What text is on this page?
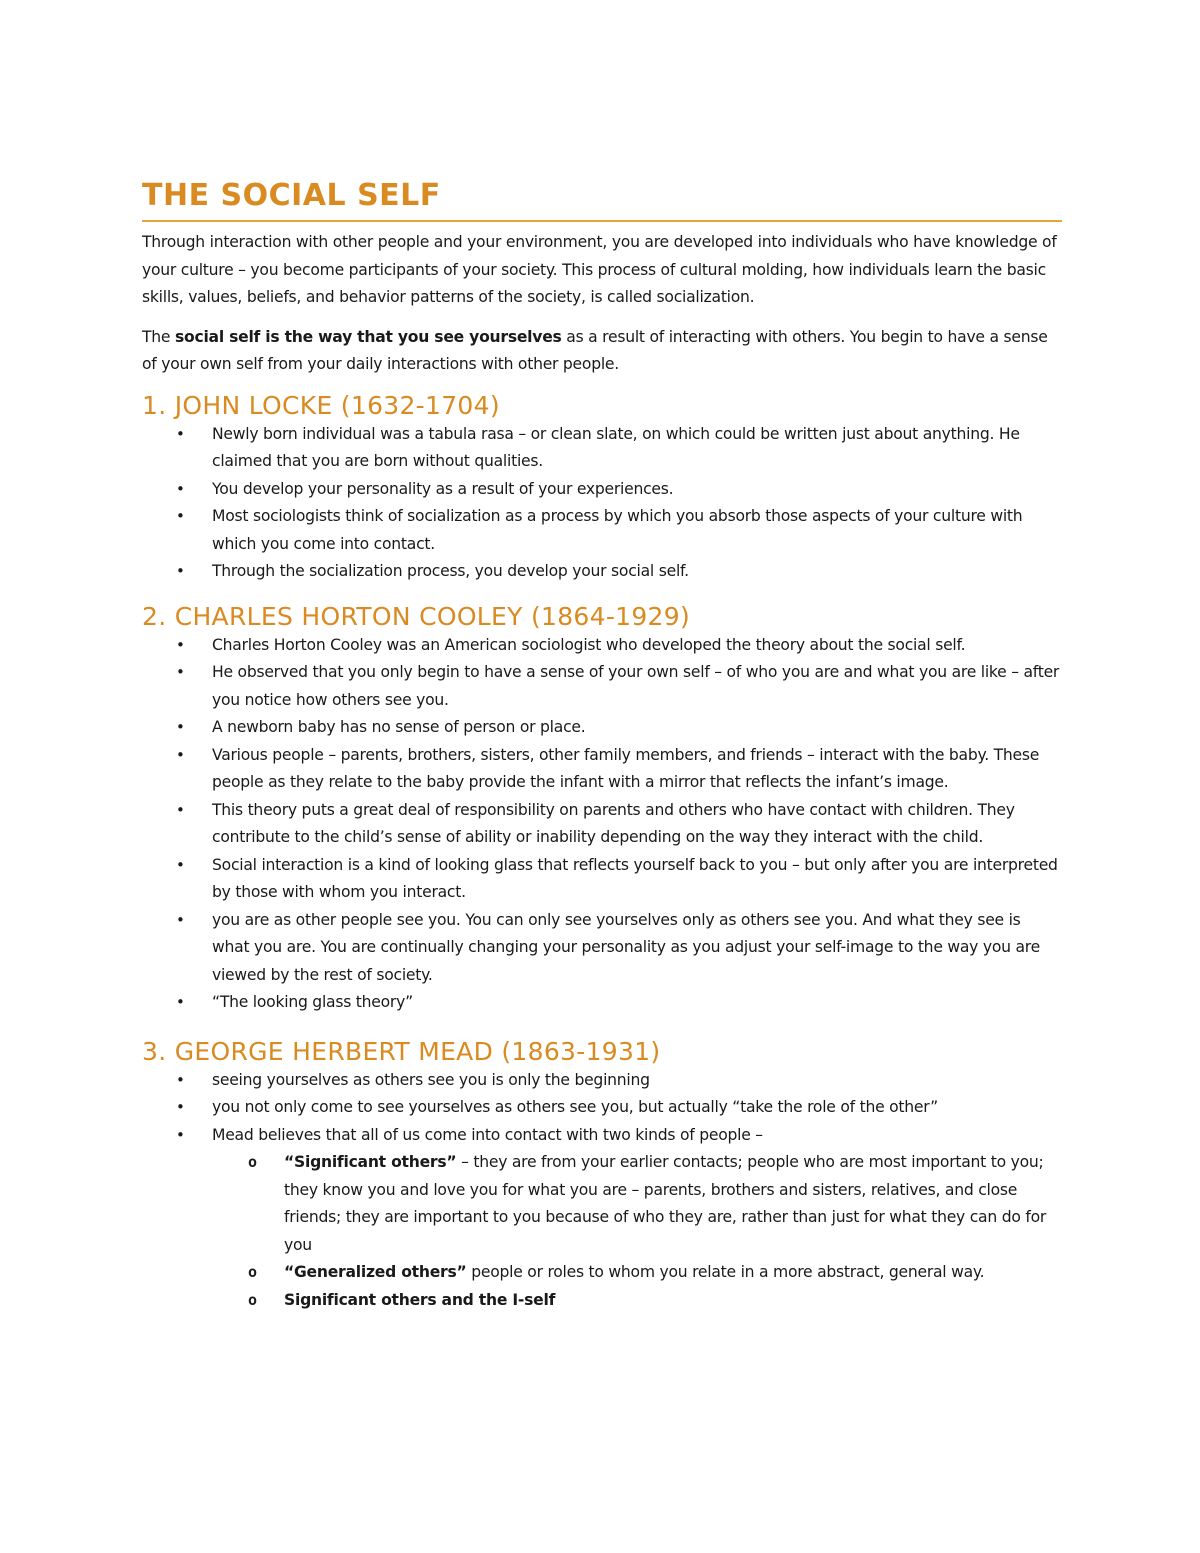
THE SOCIAL SELF

Through interaction with other people and your environment, you are developed into individuals who have knowledge of your culture – you become participants of your society. This process of cultural molding, how individuals learn the basic skills, values, beliefs, and behavior patterns of the society, is called socialization.

The social self is the way that you see yourselves as a result of interacting with others. You begin to have a sense of your own self from your daily interactions with other people.

1. JOHN LOCKE (1632-1704)
• Newly born individual was a tabula rasa – or clean slate, on which could be written just about anything. He claimed that you are born without qualities.
• You develop your personality as a result of your experiences.
• Most sociologists think of socialization as a process by which you absorb those aspects of your culture with which you come into contact.
• Through the socialization process, you develop your social self.
2. CHARLES HORTON COOLEY (1864-1929)
• Charles Horton Cooley was an American sociologist who developed the theory about the social self.
• He observed that you only begin to have a sense of your own self – of who you are and what you are like – after you notice how others see you.
• A newborn baby has no sense of person or place.
• Various people – parents, brothers, sisters, other family members, and friends – interact with the baby. These people as they relate to the baby provide the infant with a mirror that reflects the infant’s image.
• This theory puts a great deal of responsibility on parents and others who have contact with children. They contribute to the child’s sense of ability or inability depending on the way they interact with the child.
• Social interaction is a kind of looking glass that reflects yourself back to you – but only after you are interpreted by those with whom you interact.
• you are as other people see you. You can only see yourselves only as others see you. And what they see is what you are. You are continually changing your personality as you adjust your self-image to the way you are viewed by the rest of society.
• “The looking glass theory”
3. GEORGE HERBERT MEAD (1863-1931)
• seeing yourselves as others see you is only the beginning
• you not only come to see yourselves as others see you, but actually “take the role of the other”
• Mead believes that all of us come into contact with two kinds of people –
o “Significant others” – they are from your earlier contacts; people who are most important to you; they know you and love you for what you are – parents, brothers and sisters, relatives, and close friends; they are important to you because of who they are, rather than just for what they can do for you
o “Generalized others” people or roles to whom you relate in a more abstract, general way.
o Significant others and the I-self
